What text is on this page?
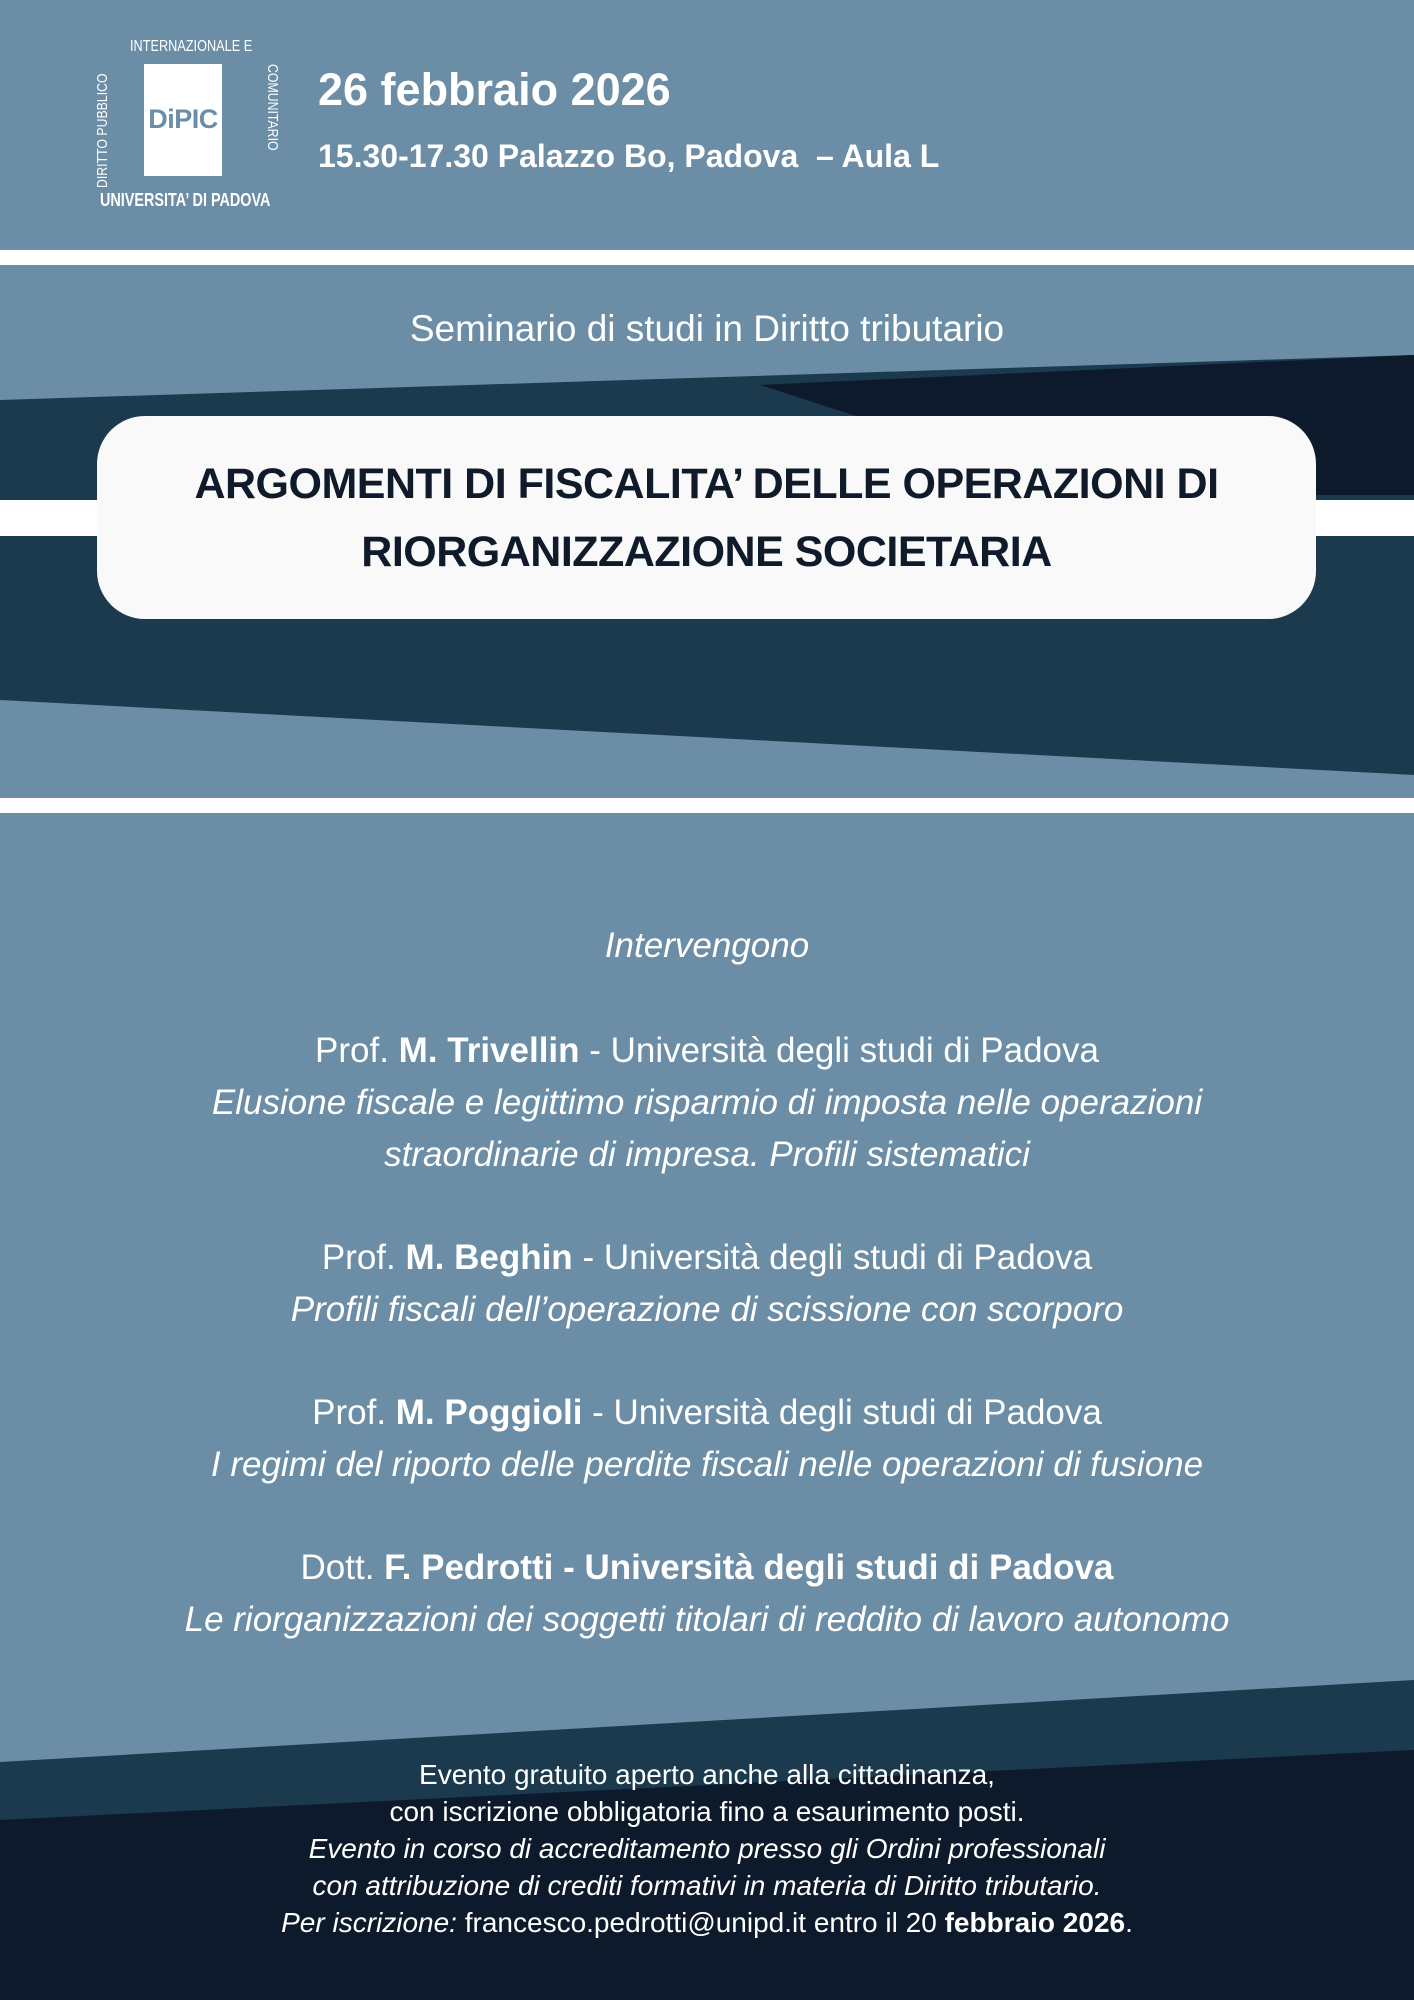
INTERNAZIONALE E
DIRITTO PUBBLICO	COMUNITARIO
DiPIC
UNIVERSITA’ DI PADOVA
26 febbraio 2026
15.30-17.30 Palazzo Bo, Padova  – Aula L
Seminario di studi in Diritto tributario
ARGOMENTI DI FISCALITA’ DELLE OPERAZIONI DI
RIORGANIZZAZIONE SOCIETARIA
Intervengono
Prof. M. Trivellin - Università degli studi di Padova
Elusione fiscale e legittimo risparmio di imposta nelle operazioni
straordinarie di impresa. Profili sistematici
Prof. M. Beghin - Università degli studi di Padova
Profili fiscali dell’operazione di scissione con scorporo
Prof. M. Poggioli - Università degli studi di Padova
I regimi del riporto delle perdite fiscali nelle operazioni di fusione
Dott. F. Pedrotti - Università degli studi di Padova
Le riorganizzazioni dei soggetti titolari di reddito di lavoro autonomo
Evento gratuito aperto anche alla cittadinanza,
con iscrizione obbligatoria fino a esaurimento posti.
Evento in corso di accreditamento presso gli Ordini professionali
con attribuzione di crediti formativi in materia di Diritto tributario.
Per iscrizione: francesco.pedrotti@unipd.it entro il 20 febbraio 2026.
